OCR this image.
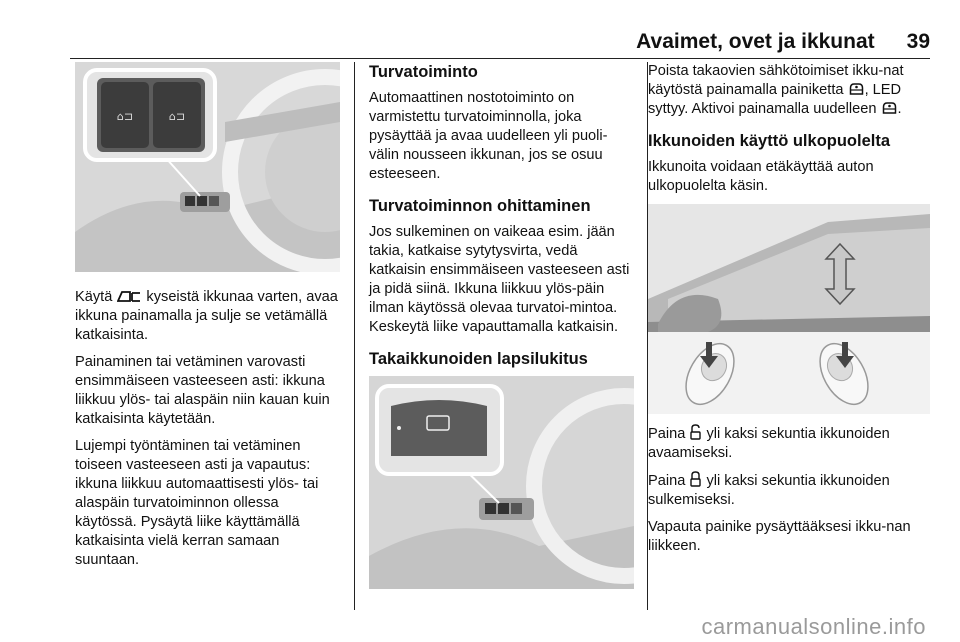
Avaimet, ovet ja ikkunat 39
⌂⊐	⌂⊐

Käytä  kyseistä ikkunaa varten, avaa ikkuna painamalla ja sulje se vetämällä katkaisinta.

Painaminen tai vetäminen varovasti ensimmäiseen vasteeseen asti: ikkuna liikkuu ylös- tai alaspäin niin kauan kuin katkaisinta käytetään.

Lujempi työntäminen tai vetäminen toiseen vasteeseen asti ja vapautus: ikkuna liikkuu automaattisesti ylös- tai alaspäin turvatoiminnon ollessa käytössä. Pysäytä liike käyttämällä katkaisinta vielä kerran samaan suuntaan.

Turvatoiminto

Automaattinen nostotoiminto on varmistettu turvatoiminnolla, joka pysäyttää ja avaa uudelleen yli puoli-välin nousseen ikkunan, jos se osuu esteeseen.

Turvatoiminnon ohittaminen

Jos sulkeminen on vaikeaa esim. jään takia, katkaise sytytysvirta, vedä katkaisin ensimmäiseen vasteeseen asti ja pidä siinä. Ikkuna liikkuu ylös-päin ilman käytössä olevaa turvatoi-mintoa. Keskeytä liike vapauttamalla katkaisin.

Takaikkunoiden lapsilukitus

Poista takaovien sähkötoimiset ikku-nat käytöstä painamalla painiketta , LED syttyy. Aktivoi painamalla uudelleen .

Ikkunoiden käyttö ulkopuolelta

Ikkunoita voidaan etäkäyttää auton ulkopuolelta käsin.

Paina  yli kaksi sekuntia ikkunoiden avaamiseksi.

Paina  yli kaksi sekuntia ikkunoiden sulkemiseksi.

Vapauta painike pysäyttääksesi ikku-nan liikkeen.

carmanualsonline.info
